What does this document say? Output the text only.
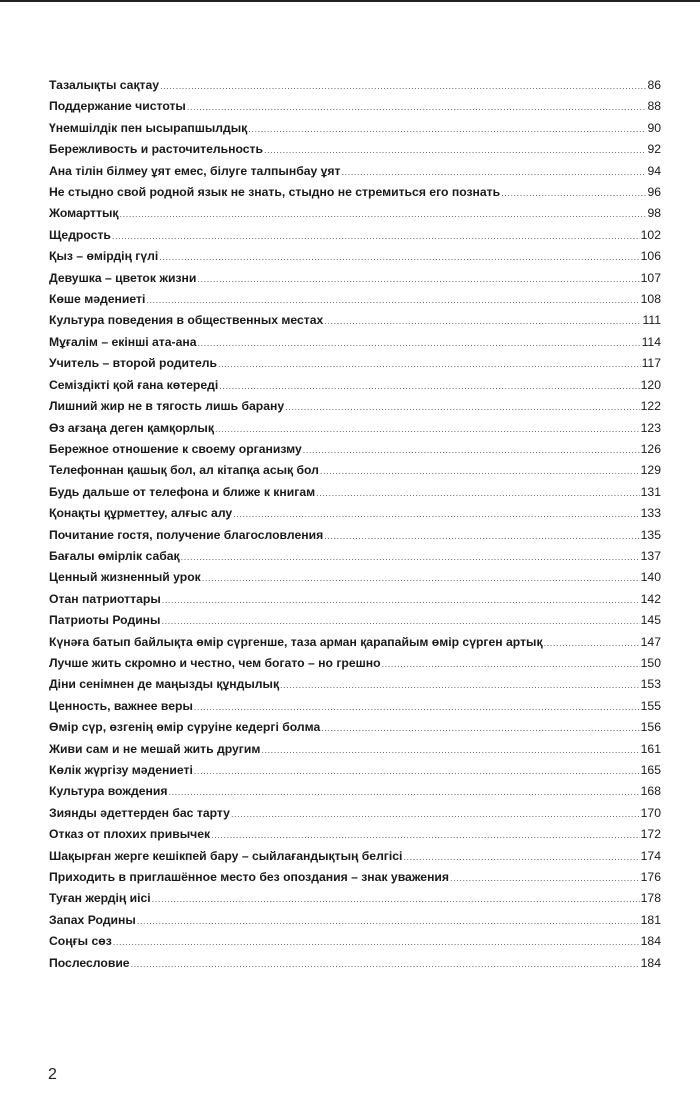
Тазалықты сақтау .....	86
Поддержание чистоты .....	88
Үнемшілдік пен ысырапшылдық .....	90
Бережливость и расточительность .....	92
Ана тілін білмеу ұят емес, білуге талпынбау ұят .....	94
Не стыдно свой родной язык не знать, стыдно не стремиться его познать .....	96
Жомарттық .....	98
Щедрость .....	102
Қыз – өмірдің гүлі .....	106
Девушка – цветок жизни .....	107
Көше мәдениеті .....	108
Культура поведения в общественных местах .....	111
Мұғалім – екінші ата-ана .....	114
Учитель – второй родитель .....	117
Семіздікті қой ғана көтереді .....	120
Лишний жир не в тягость лишь барану .....	122
Өз ағзаңа деген қамқорлық .....	123
Бережное отношение к своему организму .....	126
Телефоннан қашық бол, ал кітапқа асық бол .....	129
Будь дальше от телефона и ближе к книгам .....	131
Қонақты құрметтеу, алғыс алу .....	133
Почитание гостя, получение благословления .....	135
Бағалы өмірлік сабақ .....	137
Ценный жизненный урок .....	140
Отан патриоттары .....	142
Патриоты Родины .....	145
Күнәға батып байлықта өмір сүргенше, таза арман қарапайым өмір сүрген артық .....	147
Лучше жить скромно и честно, чем богато – но грешно .....	150
Діни сенімнен де маңызды құндылық .....	153
Ценность, важнее веры .....	155
Өмір сүр, өзгенің өмір сүруіне кедергі болма .....	156
Живи сам и не мешай жить другим .....	161
Көлік жүргізу мәдениеті .....	165
Культура вождения .....	168
Зиянды әдеттерден бас тарту .....	170
Отказ от плохих привычек .....	172
Шақырған жерге кешікпей бару – сыйлағандықтың белгісі .....	174
Приходить в приглашённое место без опоздания – знак уважения .....	176
Туған жердің иісі .....	178
Запах Родины .....	181
Соңғы сөз .....	184
Послесловие .....	184
2
